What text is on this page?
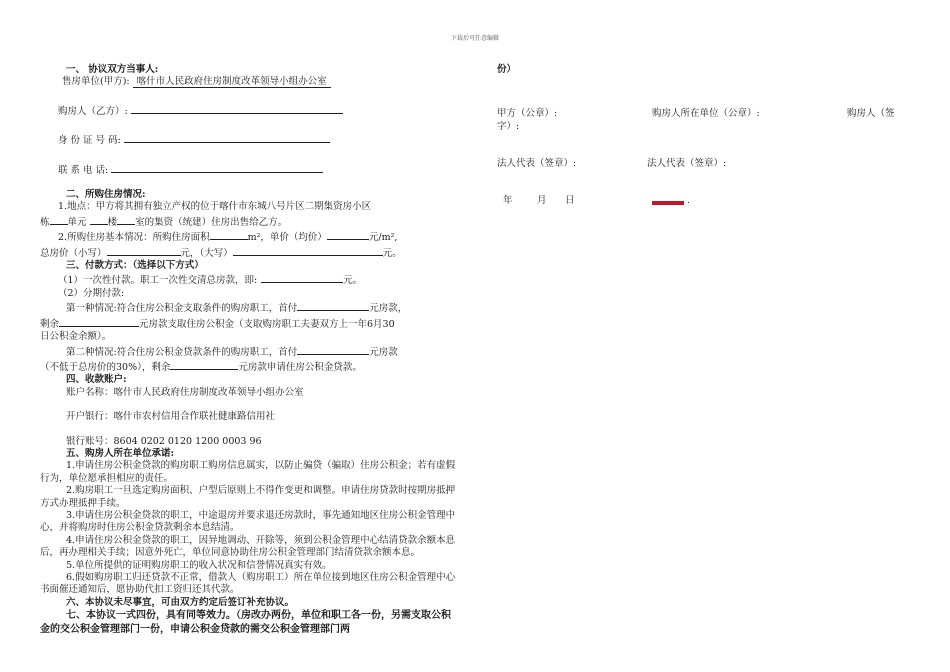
下载后可任意编辑
一、 协议双方当事人:
售房单位(甲方): 喀什市人民政府住房制度改革领导小组办公室
购房人（乙方）:
身 份 证 号 码:
联 系 电 话:
二、所购住房情况:
1.地点：甲方将其拥有独立产权的位于喀什市东城八号片区二期集资房小区
栋 单元 楼 室的集资（统建）住房出售给乙方。
2.所购住房基本情况：所购住房面积	m²，单价（均价）	元/m²,
总房价（小写）	元，（大写）	元。
三、付款方式：（选择以下方式）
（1）一次性付款。职工一次性交清总房款，即:	元。
（2）分期付款:
第一种情况:符合住房公积金支取条件的购房职工，首付	元房款，
剩余	元房款支取住房公积金（支取购房职工夫妻双方上一年6月30
日公积金余额）。
第二种情况:符合住房公积金贷款条件的购房职工，首付	元房款
（不低于总房价的30%），剩余	元房款申请住房公积金贷款。
四、收款账户:
账户名称：喀什市人民政府住房制度改革领导小组办公室
开户银行：喀什市农村信用合作联社健康路信用社
银行账号：8604 0202 0120 1200 0003 96
五、购房人所在单位承诺:
1.申请住房公积金贷款的购房职工购房信息属实，以防止骗贷（骗取）住房公积金；若有虚假行为，单位愿承担相应的责任。
2.购房职工一旦选定购房面积、户型后原则上不得作变更和调整。申请住房贷款时按期房抵押方式办理抵押手续。
3.申请住房公积金贷款的职工，中途退房并要求退还房款时，事先通知地区住房公积金管理中心，并将购房时住房公积金贷款剩余本息结清。
4.申请住房公积金贷款的职工，因异地调动、开除等，须到公积金管理中心结清贷款余额本息后，再办理相关手续；因意外死亡，单位同意协助住房公积金管理部门结清贷款余额本息。
5.单位所提供的证明购房职工的收入状况和信誉情况真实有效。
6.假如购房职工归还贷款不正常，借款人（购房职工）所在单位接到地区住房公积金管理中心书面催还通知后，愿协助代扣工资归还其代款。
六、本协议未尽事宜，可由双方约定后签订补充协议。
七、本协议一式四份，具有同等效力。（房改办两份，单位和职工各一份，另需支取公积金的交公积金管理部门一份，申请公积金贷款的需交公积金管理部门两
份）
甲方（公章）:	购房人所在单位（公章）:	购房人（签
字）:
法人代表（签章）:	法人代表（签章）:
年	月 日	.
